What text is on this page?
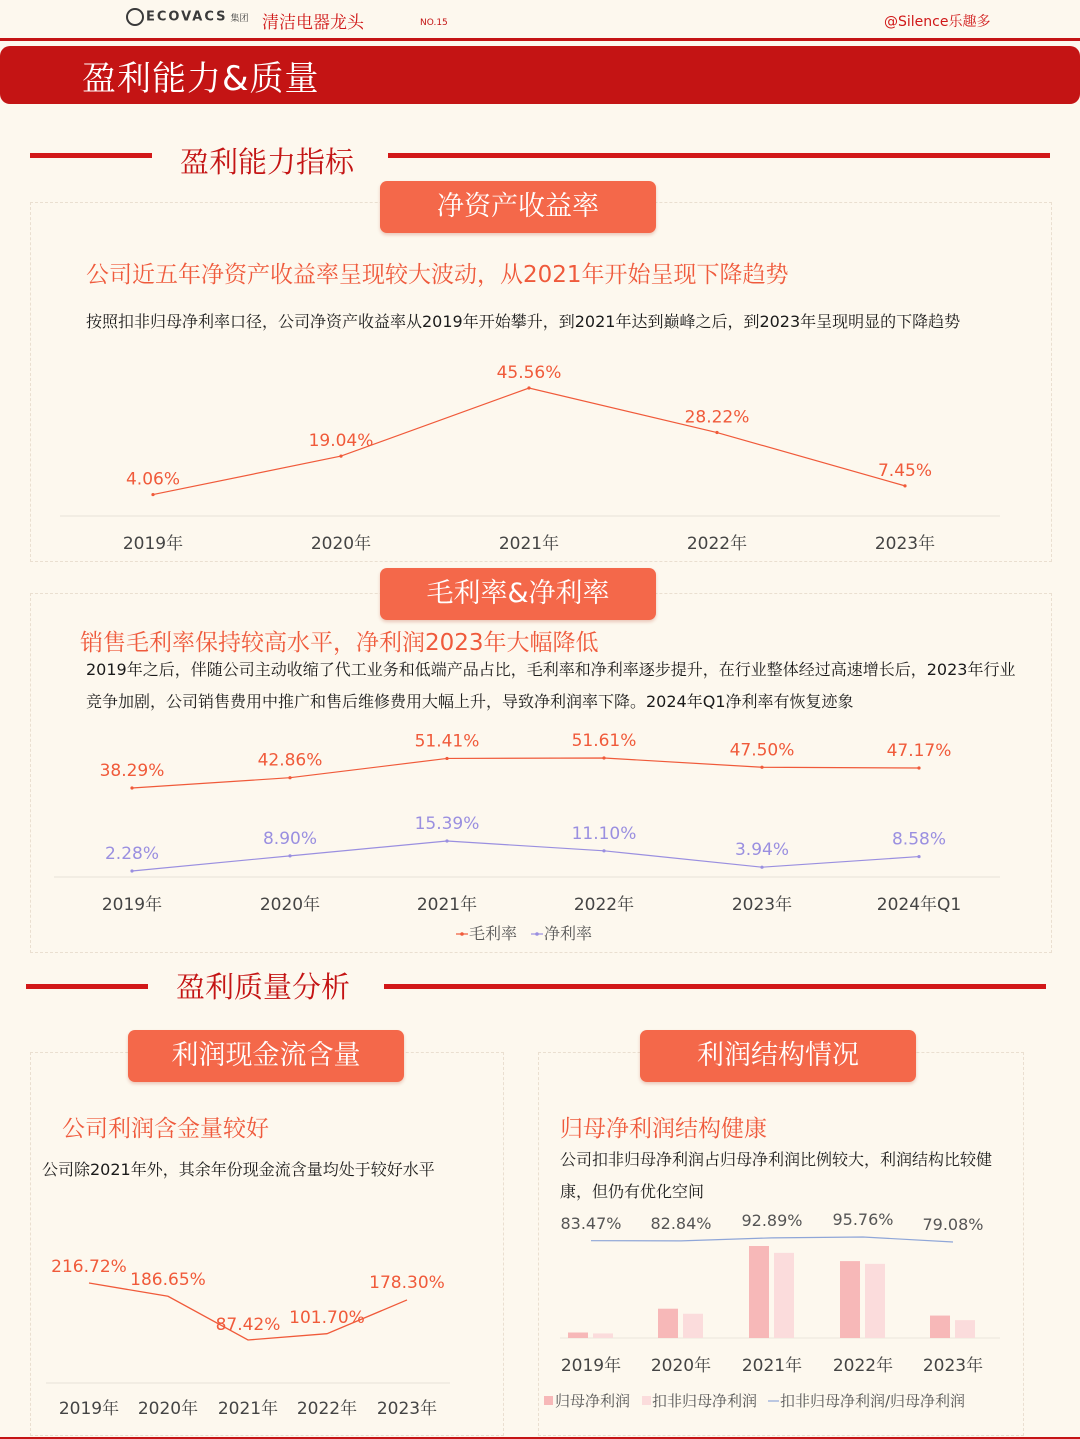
ECOVACS 集团 清洁电器龙头	NO.15	@Silence乐趣多
盈利能力&质量
盈利能力指标
净资产收益率
公司近五年净资产收益率呈现较大波动，从2021年开始呈现下降趋势
按照扣非归母净利率口径，公司净资产收益率从2019年开始攀升，到2021年达到巅峰之后，到2023年呈现明显的下降趋势
2019年	2020年	2021年	2022年	2023年
4.06%
19.04%
45.56%
28.22%
7.45%
2019年	2020年	2021年	2022年	2023年	2024年Q1
38.29%
42.86%
51.41%	51.61%	47.50%	47.17%
2.28%
8.90%
15.39%	11.10%
3.94%
8.58%
毛利率 净利率
2019年 2020年 2021年 2022年 2023年
216.72%
186.65%
87.42% 101.70%
178.30%
2019年 2020年 2021年 2022年 2023年
83.47% 82.84% 92.89% 95.76% 79.08%
归母净利润 扣非归母净利润 扣非归母净利润/归母净利润
毛利率&净利率
销售毛利率保持较高水平，净利润2023年大幅降低
2019年之后，伴随公司主动收缩了代工业务和低端产品占比，毛利率和净利率逐步提升，在行业整体经过高速增长后，2023年行业竞争加剧，公司销售费用中推广和售后维修费用大幅上升，导致净利润率下降。2024年Q1净利率有恢复迹象
盈利质量分析
利润现金流含量
公司利润含金量较好
公司除2021年外，其余年份现金流含量均处于较好水平
利润结构情况
归母净利润结构健康
公司扣非归母净利润占归母净利润比例较大，利润结构比较健康，但仍有优化空间
